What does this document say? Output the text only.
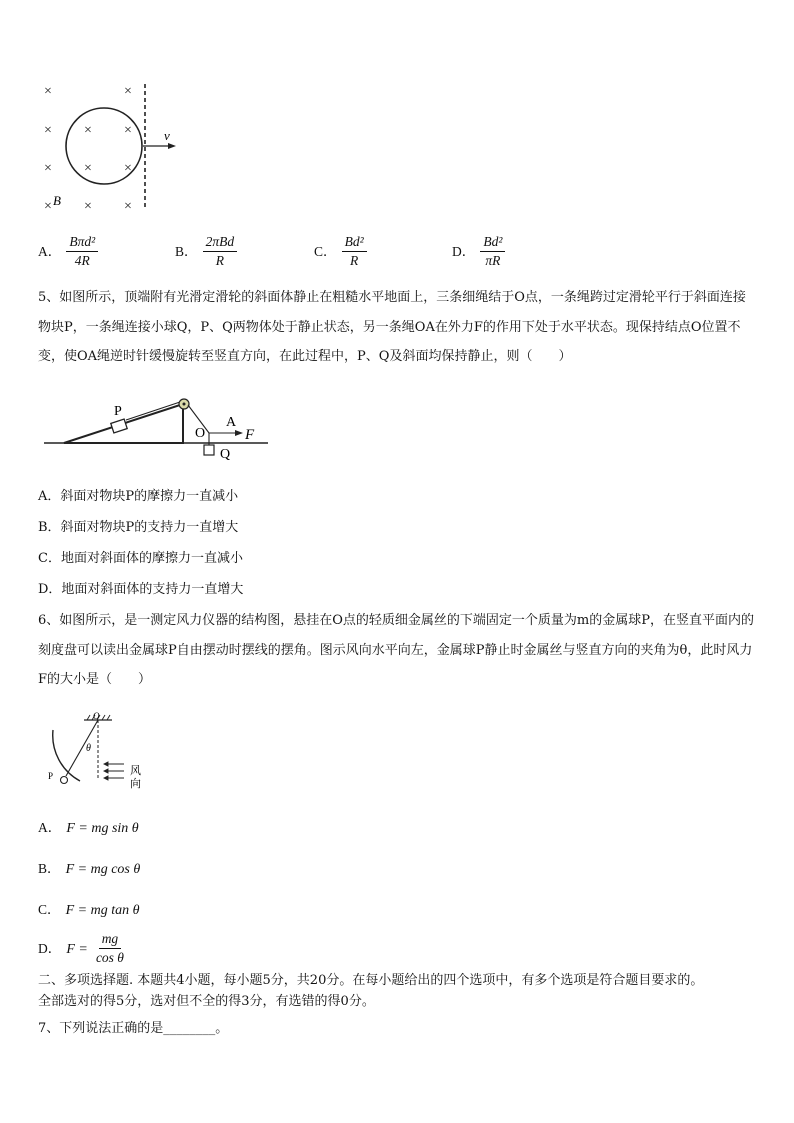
×	×
× × ×
× × ×
× × ×
v
B
A． $\frac{\text{Bπd²}}{4R}$	B． $\frac{\text{2πBd}}{R}$	C． $\frac{\text{Bd²}}{R}$	D． $\frac{\text{Bd²}}{\pi R}$
5、如图所示，顶端附有光滑定滑轮的斜面体静止在粗糙水平地面上，三条细绳结于O点，一条绳跨过定滑轮平行于斜面连接物块P，一条绳连接小球Q，P、Q两物体处于静止状态，另一条绳OA在外力F的作用下处于水平状态。现保持结点O位置不变，使OA绳逆时针缓慢旋转至竖直方向，在此过程中，P、Q及斜面均保持静止，则（　　）
P
O
A
F
Q
A．斜面对物块P的摩擦力一直减小
B．斜面对物块P的支持力一直增大
C．地面对斜面体的摩擦力一直减小
D．地面对斜面体的支持力一直增大
6、如图所示，是一测定风力仪器的结构图，悬挂在O点的轻质细金属丝的下端固定一个质量为m的金属球P，在竖直平面内的刻度盘可以读出金属球P自由摆动时摆线的摆角。图示风向水平向左，金属球P静止时金属丝与竖直方向的夹角为θ，此时风力F的大小是（　　）
O
θ
P	风
向
A． F = mg sin θ
B． F = mg cos θ
C． F = mg tan θ
D． $F = \frac{mg}{\text{cos θ}}$
二、多项选择题. 本题共4小题，每小题5分，共20分。在每小题给出的四个选项中，有多个选项是符合题目要求的。
全部选对的得5分，选对但不全的得3分，有选错的得0分。
7、下列说法正确的是________。
